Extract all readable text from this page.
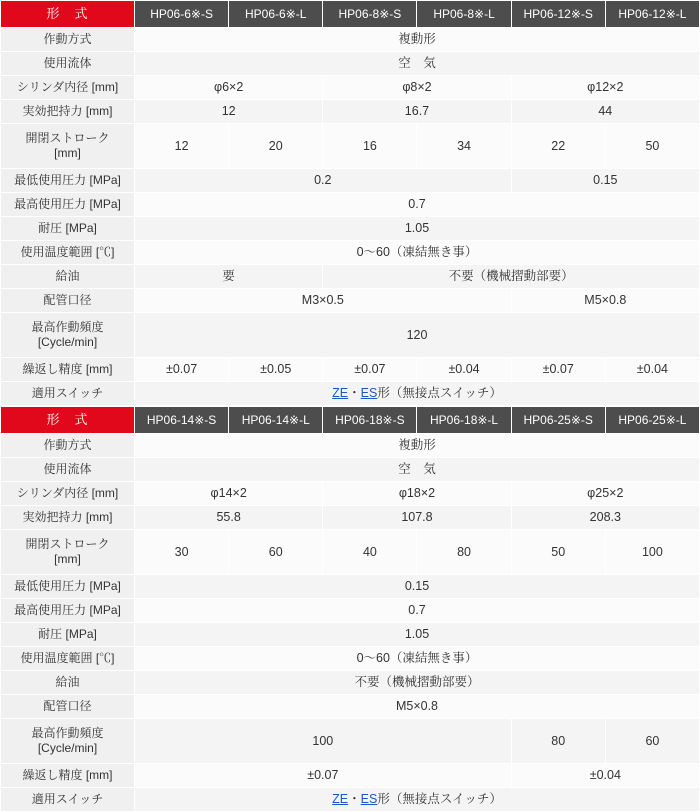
形　式	HP06-6※-S	HP06-6※-L	HP06-8※-S	HP06-8※-L	HP06-12※-S	HP06-12※-L
作動方式	複動形					
使用流体	空　気					
シリンダ内径 [mm]	φ6×2		φ8×2		φ12×2	
実効把持力 [mm]	12		16.7		44	
開閉ストローク
[mm]	12	20	16	34	22	50
最低使用圧力 [MPa]	0.2				0.15	
最高使用圧力 [MPa]	0.7					
耐圧 [MPa]	1.05					
使用温度範囲 [℃]	0〜60（凍結無き事）					
給油	要		不要（機械摺動部要）			
配管口径	M3×0.5				M5×0.8	
最高作動頻度
[Cycle/min]	120					
繰返し精度 [mm]	±0.07	±0.05	±0.07	±0.04	±0.07	±0.04
適用スイッチ	ZE・ES形（無接点スイッチ）					
形　式	HP06-14※-S	HP06-14※-L	HP06-18※-S	HP06-18※-L	HP06-25※-S	HP06-25※-L
作動方式	複動形					
使用流体	空　気					
シリンダ内径 [mm]	φ14×2		φ18×2		φ25×2	
実効把持力 [mm]	55.8		107.8		208.3	
開閉ストローク
[mm]	30	60	40	80	50	100
最低使用圧力 [MPa]	0.15					
最高使用圧力 [MPa]	0.7					
耐圧 [MPa]	1.05					
使用温度範囲 [℃]	0〜60（凍結無き事）					
給油	不要（機械摺動部要）					
配管口径	M5×0.8					
最高作動頻度
[Cycle/min]	100				80	60
繰返し精度 [mm]	±0.07				±0.04	
適用スイッチ	ZE・ES形（無接点スイッチ）					
